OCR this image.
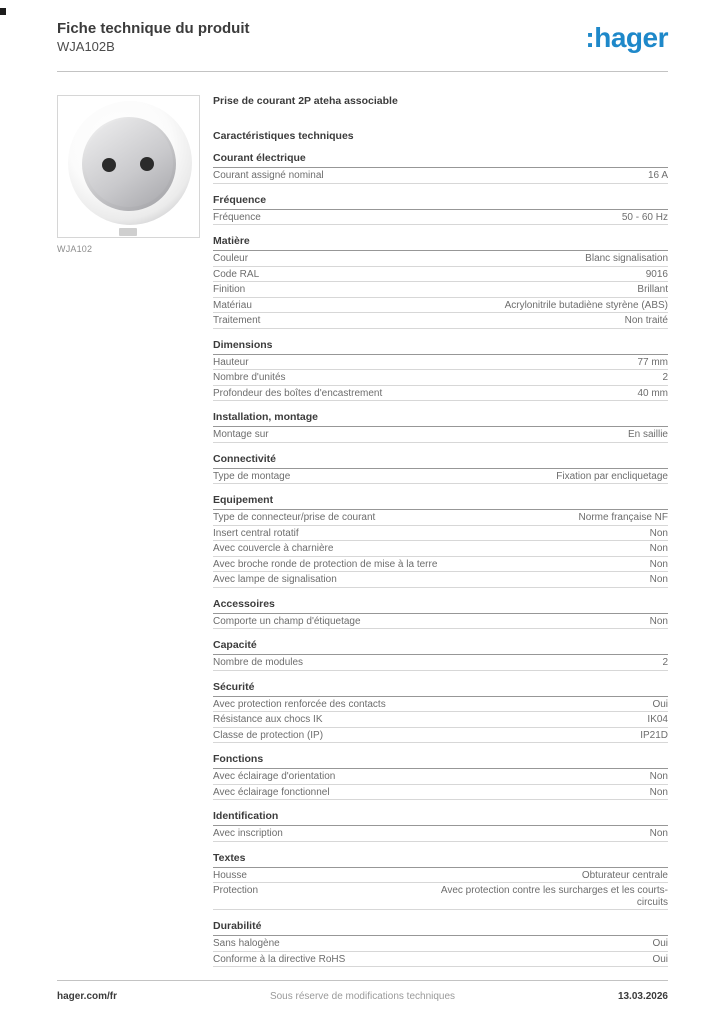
Fiche technique du produit
WJA102B	:hager
WJA102
Prise de courant 2P ateha associable
Caractéristiques techniques
Courant électrique
Courant assigné nominal	16 A
Fréquence
Fréquence	50 - 60 Hz
Matière
Couleur	Blanc signalisation
Code RAL	9016
Finition	Brillant
Matériau	Acrylonitrile butadiène styrène (ABS)
Traitement	Non traité
Dimensions
Hauteur	77 mm
Nombre d'unités	2
Profondeur des boîtes d'encastrement	40 mm
Installation, montage
Montage sur	En saillie
Connectivité
Type de montage	Fixation par encliquetage
Equipement
Type de connecteur/prise de courant	Norme française NF
Insert central rotatif	Non
Avec couvercle à charnière	Non
Avec broche ronde de protection de mise à la terre	Non
Avec lampe de signalisation	Non
Accessoires
Comporte un champ d'étiquetage	Non
Capacité
Nombre de modules	2
Sécurité
Avec protection renforcée des contacts	Oui
Résistance aux chocs IK	IK04
Classe de protection (IP)	IP21D
Fonctions
Avec éclairage d'orientation	Non
Avec éclairage fonctionnel	Non
Identification
Avec inscription	Non
Textes
Housse	Obturateur centrale
Protection	Avec protection contre les surcharges et les courts-circuits
Durabilité
Sans halogène	Oui
Conforme à la directive RoHS	Oui
hager.com/fr	Sous réserve de modifications techniques	13.03.2026
